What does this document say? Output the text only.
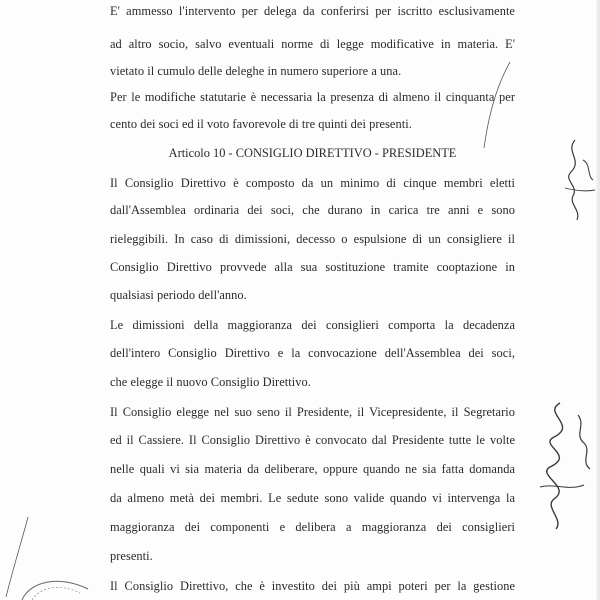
E' ammesso l'intervento per delega da conferirsi per iscritto esclusivamente
ad altro socio, salvo eventuali norme di legge modificative in materia. E'
vietato il cumulo delle deleghe in numero superiore a una.
Per le modifiche statutarie è necessaria la presenza di almeno il cinquanta per
cento dei soci ed il voto favorevole di tre quinti dei presenti.
Articolo 10 - CONSIGLIO DIRETTIVO - PRESIDENTE
Il Consiglio Direttivo è composto da un minimo di cinque membri eletti
dall'Assemblea ordinaria dei soci, che durano in carica tre anni e sono
rieleggibili. In caso di dimissioni, decesso o espulsione di un consigliere il
Consiglio Direttivo provvede alla sua sostituzione tramite cooptazione in
qualsiasi periodo dell'anno.
Le dimissioni della maggioranza dei consiglieri comporta la decadenza
dell'intero Consiglio Direttivo e la convocazione dell'Assemblea dei soci,
che elegge il nuovo Consiglio Direttivo.
Il Consiglio elegge nel suo seno il Presidente, il Vicepresidente, il Segretario
ed il Cassiere. Il Consiglio Direttivo è convocato dal Presidente tutte le volte
nelle quali vi sia materia da deliberare, oppure quando ne sia fatta domanda
da almeno metà dei membri. Le sedute sono valide quando vi intervenga la
maggioranza dei componenti e delibera a maggioranza dei consiglieri
presenti.
Il Consiglio Direttivo, che è investito dei più ampi poteri per la gestione
